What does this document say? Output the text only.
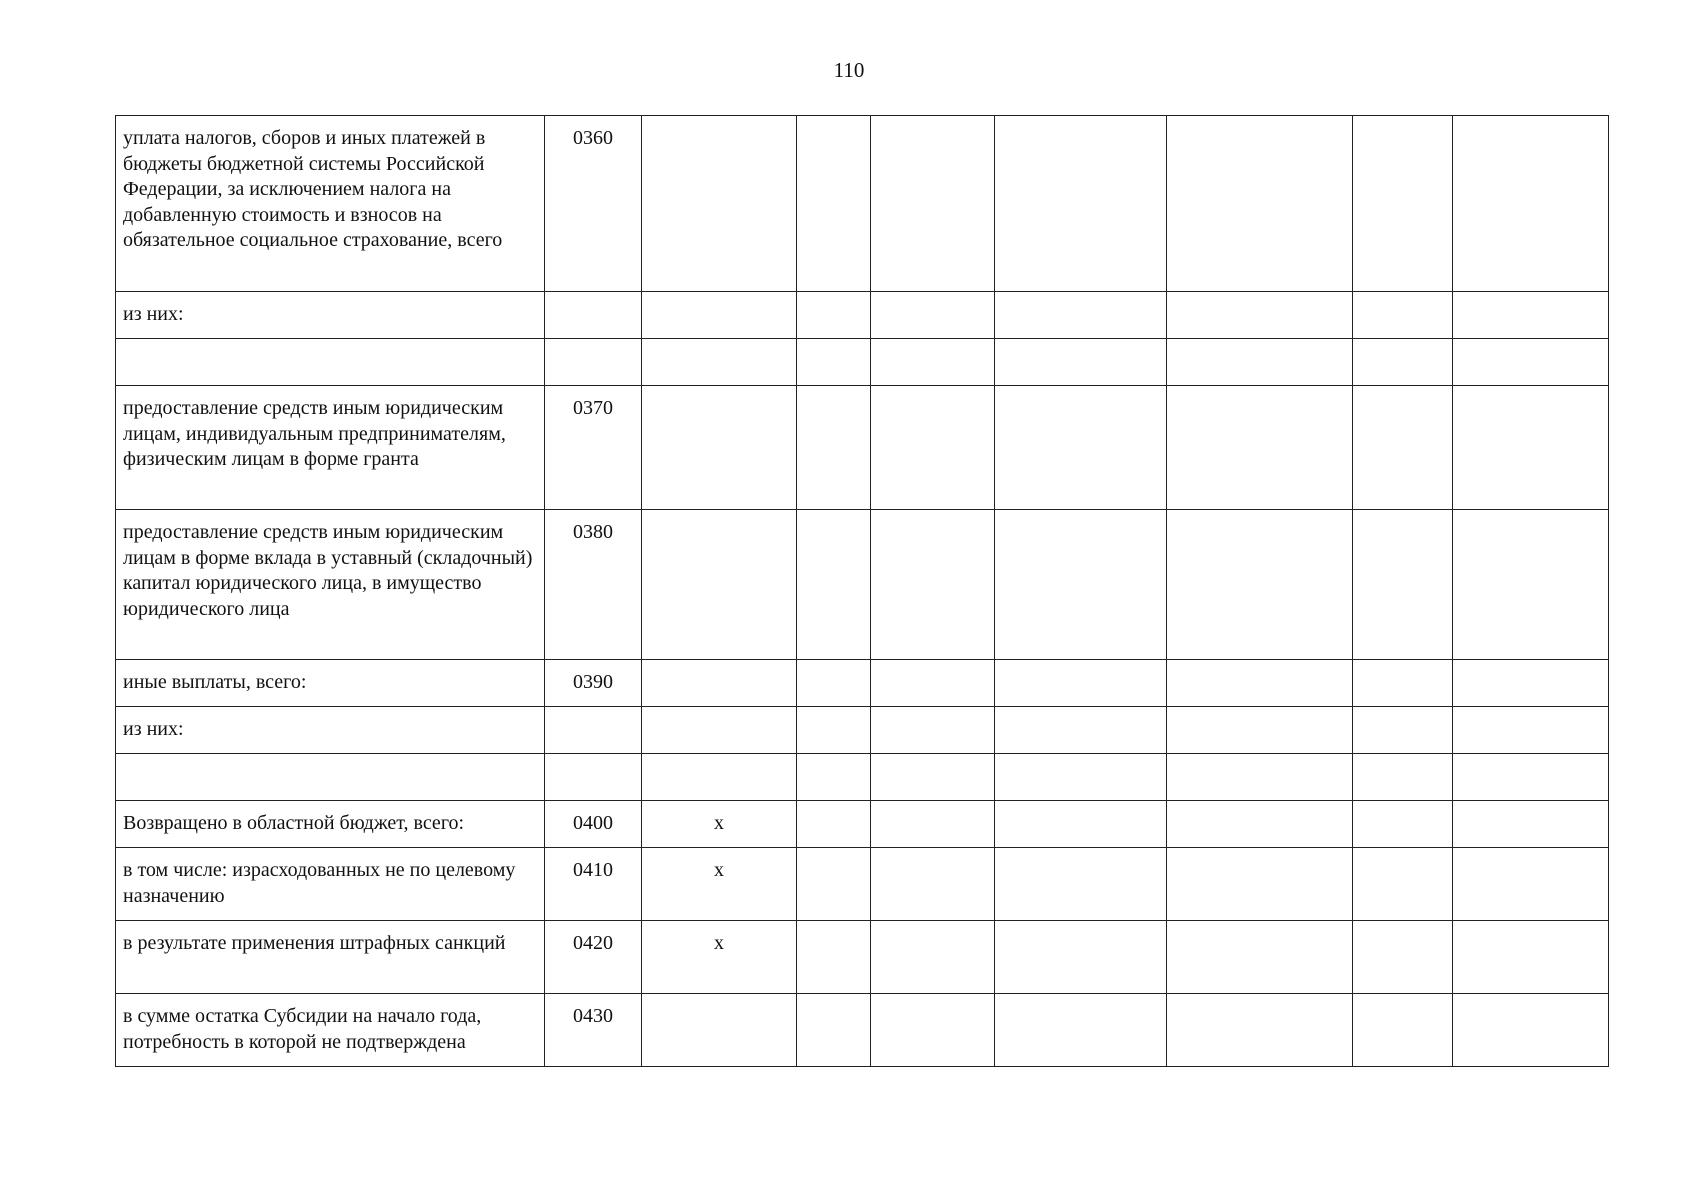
110
уплата налогов, сборов и иных платежей в бюджеты бюджетной системы Российской Федерации, за исключением налога на добавленную стоимость и взносов на обязательное социальное страхование, всего	0360							
из них:								

предоставление средств иным юридическим лицам, индивидуальным предпринимателям, физическим лицам в форме гранта	0370							
предоставление средств иным юридическим лицам в форме вклада в уставный (складочный) капитал юридического лица, в имущество юридического лица	0380							
иные выплаты, всего:	0390							
из них:								

Возвращено в областной бюджет, всего:	0400	x						
в том числе: израсходованных не по целевому назначению	0410	x						
в результате применения штрафных санкций	0420	x						
в сумме остатка Субсидии на начало года, потребность в которой не подтверждена	0430							
